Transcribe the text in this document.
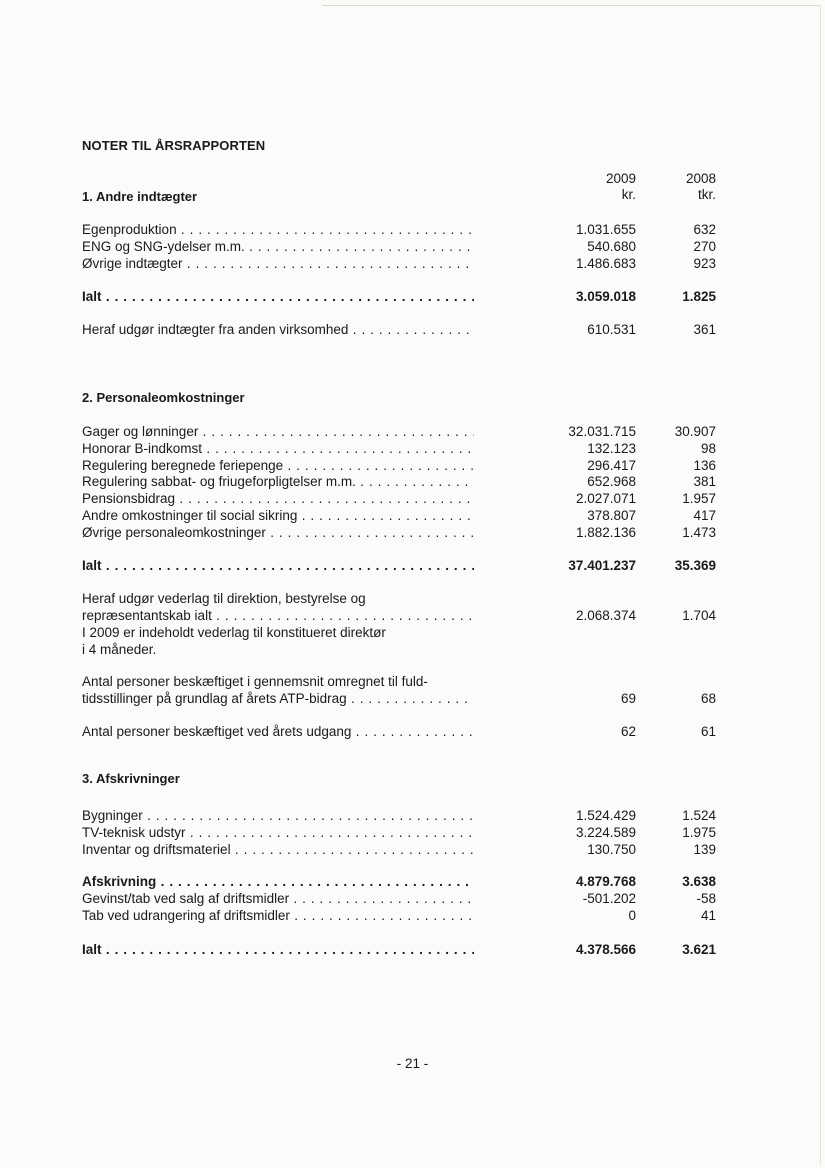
NOTER TIL ÅRSRAPPORTEN
2009	2008
kr.	tkr.
1. Andre indtægter
Egenproduktion . . .	1.031.655	632
ENG og SNG-ydelser m.m. . . .	540.680	270
Øvrige indtægter . . .	1.486.683	923
Ialt . . .	3.059.018	1.825
Heraf udgør indtægter fra anden virksomhed . . .	610.531	361
2. Personaleomkostninger
Gager og lønninger . . .	32.031.715	30.907
Honorar B-indkomst . . .	132.123	98
Regulering beregnede feriepenge . . .	296.417	136
Regulering sabbat- og friugeforpligtelser m.m. . . .	652.968	381
Pensionsbidrag . . .	2.027.071	1.957
Andre omkostninger til social sikring . . .	378.807	417
Øvrige personaleomkostninger . . .	1.882.136	1.473
Ialt . . .	37.401.237	35.369
Heraf udgør vederlag til direktion, bestyrelse og
repræsentantskab ialt . . .	2.068.374	1.704
I 2009 er indeholdt vederlag til konstitueret direktør
i 4 måneder.
Antal personer beskæftiget i gennemsnit omregnet til fuld-
tidsstillinger på grundlag af årets ATP-bidrag . . .	69	68
Antal personer beskæftiget ved årets udgang . . .	62	61
3. Afskrivninger
Bygninger . . .	1.524.429	1.524
TV-teknisk udstyr . . .	3.224.589	1.975
Inventar og driftsmateriel . . .	130.750	139
Afskrivning . . .	4.879.768	3.638
Gevinst/tab ved salg af driftsmidler . . .	-501.202	-58
Tab ved udrangering af driftsmidler . . .	0	41
Ialt . . .	4.378.566	3.621
- 21 -
